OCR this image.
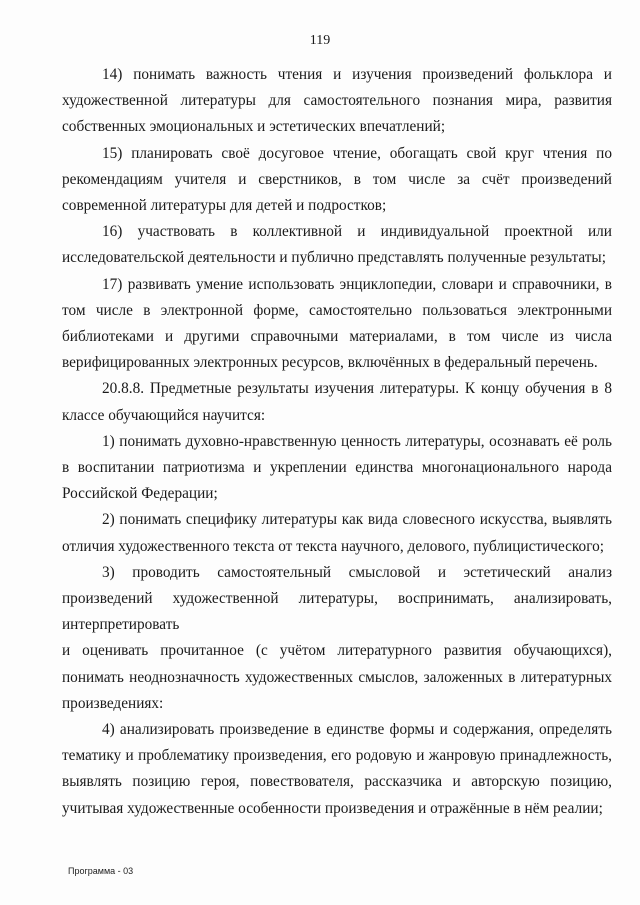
119

14) понимать важность чтения и изучения произведений фольклора и художественной литературы для самостоятельного познания мира, развития собственных эмоциональных и эстетических впечатлений;

15) планировать своё досуговое чтение, обогащать свой круг чтения по рекомендациям учителя и сверстников, в том числе за счёт произведений современной литературы для детей и подростков;

16) участвовать в коллективной и индивидуальной проектной или исследовательской деятельности и публично представлять полученные результаты;

17) развивать умение использовать энциклопедии, словари и справочники, в том числе в электронной форме, самостоятельно пользоваться электронными библиотеками и другими справочными материалами, в том числе из числа верифицированных электронных ресурсов, включённых в федеральный перечень.

20.8.8. Предметные результаты изучения литературы. К концу обучения в 8 классе обучающийся научится:

1) понимать духовно-нравственную ценность литературы, осознавать её роль в воспитании патриотизма и укреплении единства многонационального народа Российской Федерации;

2) понимать специфику литературы как вида словесного искусства, выявлять отличия художественного текста от текста научного, делового, публицистического;

3) проводить самостоятельный смысловой и эстетический анализ произведений художественной литературы, воспринимать, анализировать, интерпретировать

и оценивать прочитанное (с учётом литературного развития обучающихся), понимать неоднозначность художественных смыслов, заложенных в литературных произведениях:

4) анализировать произведение в единстве формы и содержания, определять тематику и проблематику произведения, его родовую и жанровую принадлежность, выявлять позицию героя, повествователя, рассказчика и авторскую позицию, учитывая художественные особенности произведения и отражённые в нём реалии;

Программа - 03
